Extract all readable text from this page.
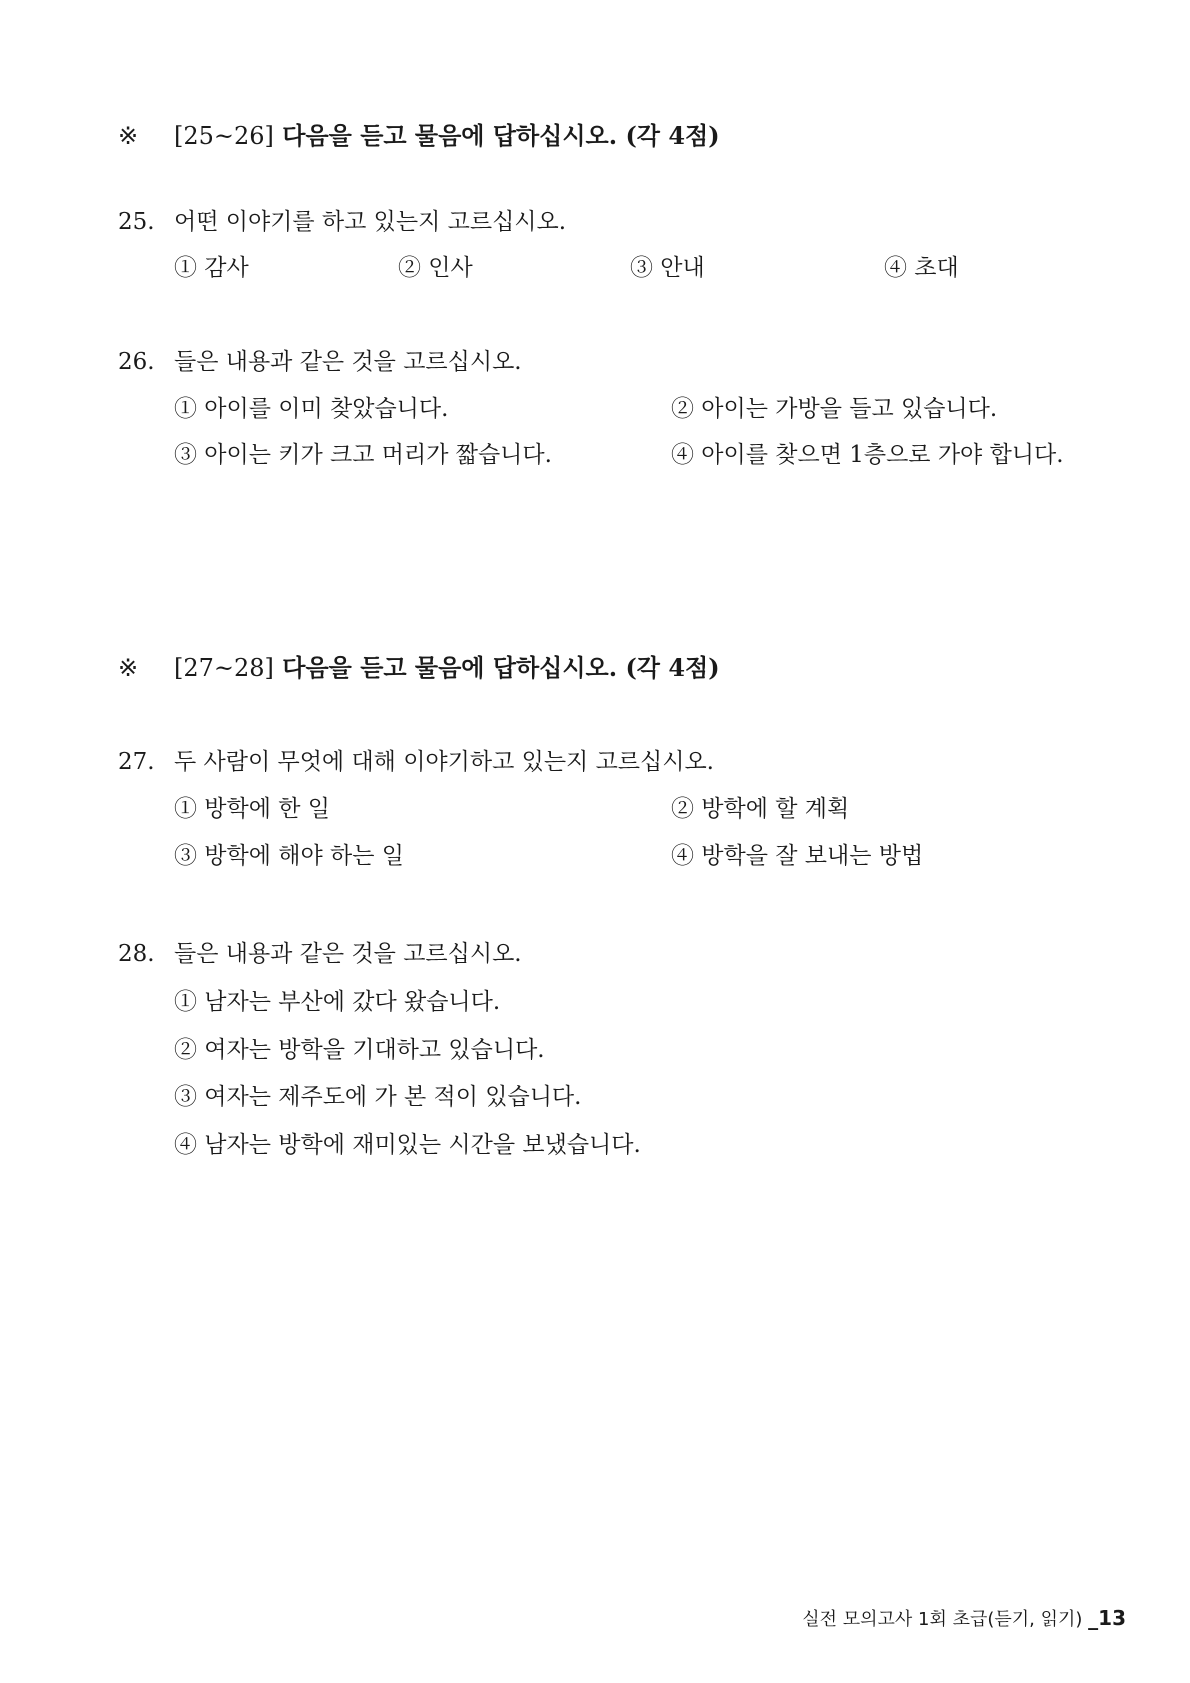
※ [25~26] 다음을 듣고 물음에 답하십시오. (각 4점)
25. 어떤 이야기를 하고 있는지 고르십시오.
① 감사	② 인사	③ 안내	④ 초대
26. 들은 내용과 같은 것을 고르십시오.
① 아이를 이미 찾았습니다.	② 아이는 가방을 들고 있습니다.
③ 아이는 키가 크고 머리가 짧습니다.	④ 아이를 찾으면 1층으로 가야 합니다.
※ [27~28] 다음을 듣고 물음에 답하십시오. (각 4점)
27. 두 사람이 무엇에 대해 이야기하고 있는지 고르십시오.
① 방학에 한 일	② 방학에 할 계획
③ 방학에 해야 하는 일	④ 방학을 잘 보내는 방법
28. 들은 내용과 같은 것을 고르십시오.
① 남자는 부산에 갔다 왔습니다.
② 여자는 방학을 기대하고 있습니다.
③ 여자는 제주도에 가 본 적이 있습니다.
④ 남자는 방학에 재미있는 시간을 보냈습니다.
실전 모의고사 1회 초급(듣기, 읽기) _13
